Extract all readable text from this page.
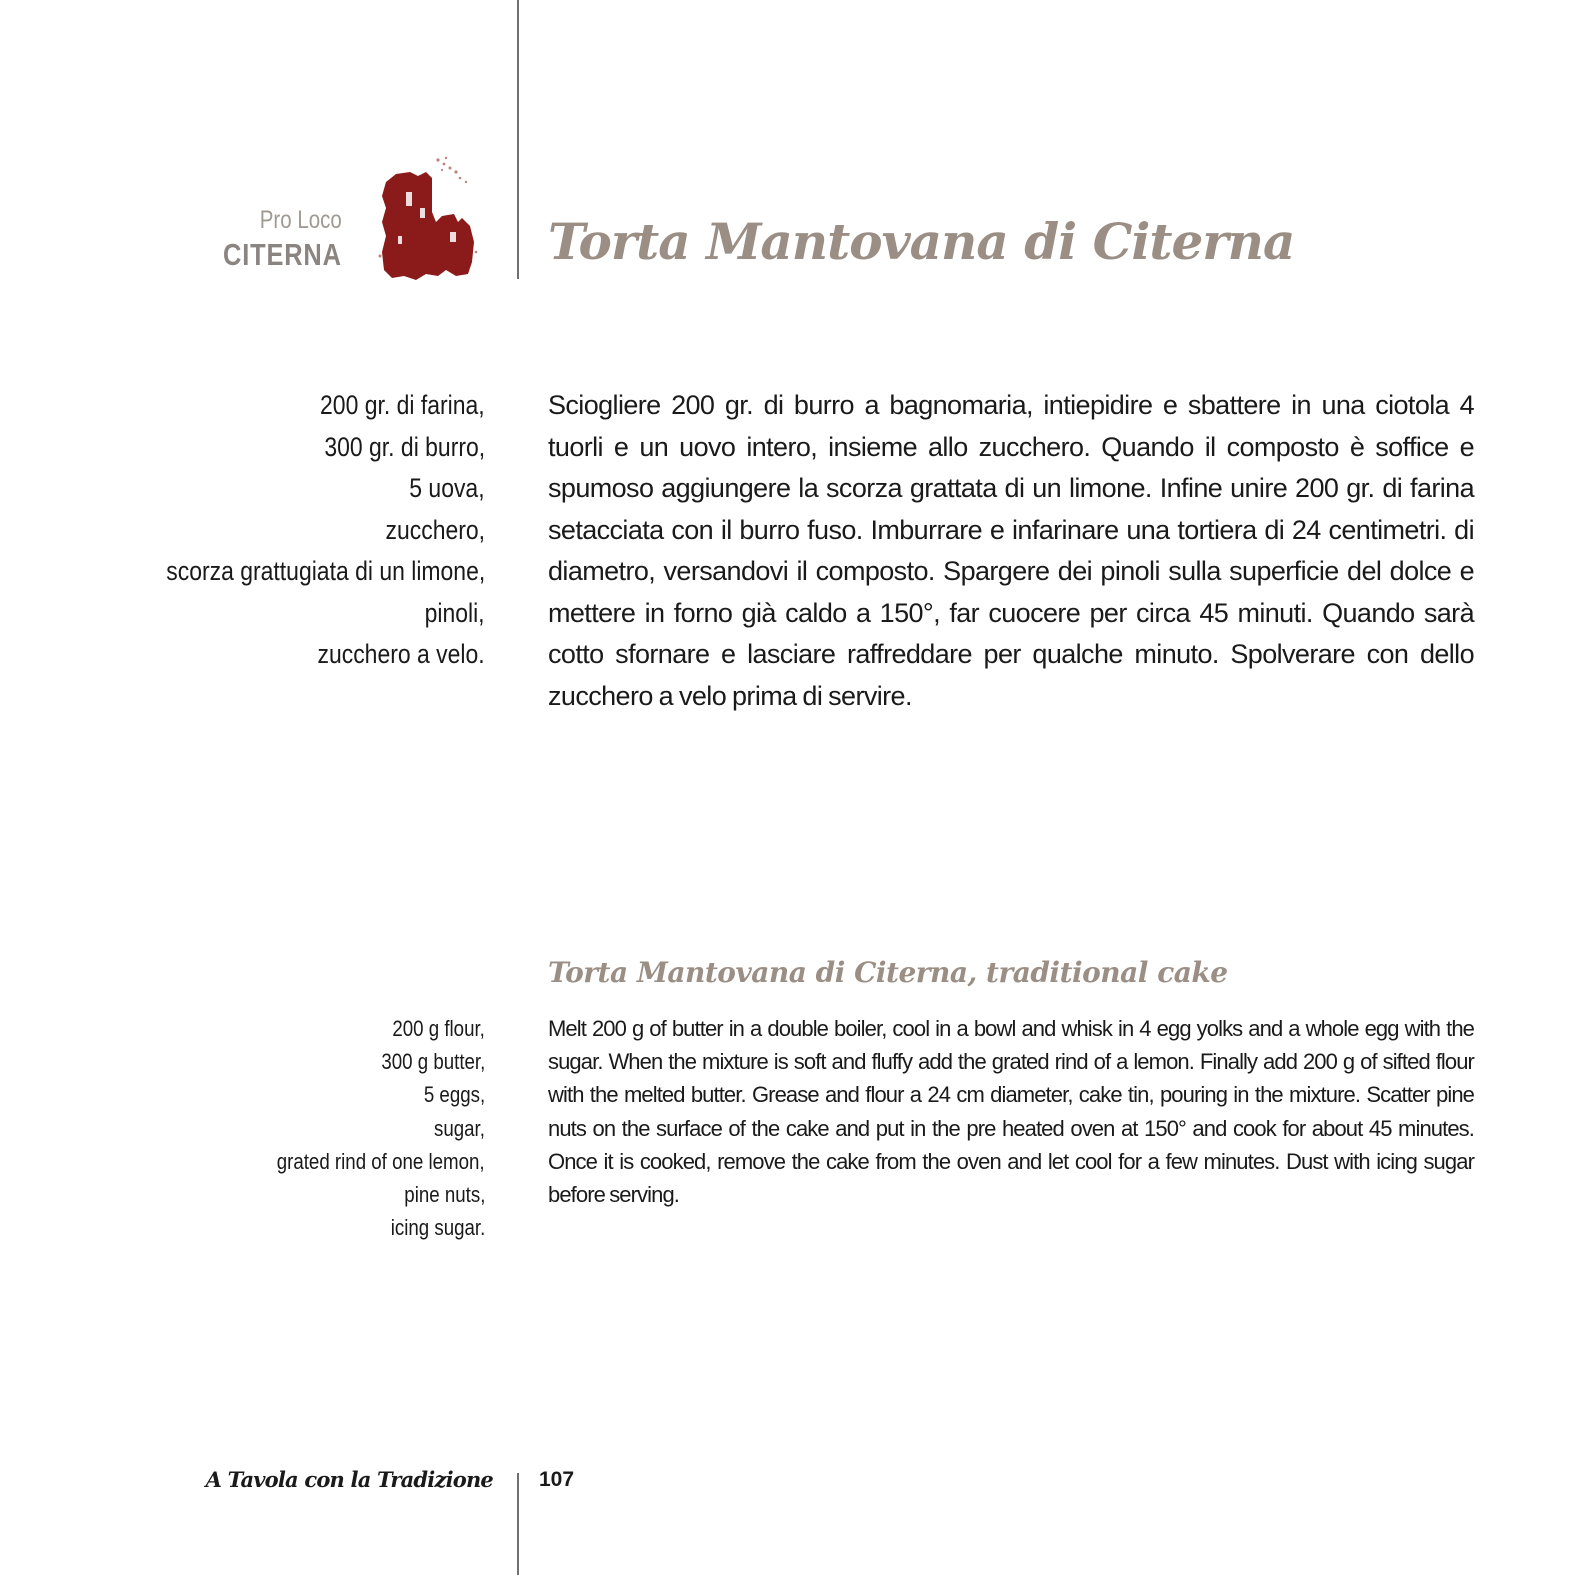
Pro Loco
CITERNA	Torta Mantovana di Citerna
200 gr. di farina,
300 gr. di burro,
5 uova,
zucchero,
scorza grattugiata di un limone,
pinoli,
zucchero a velo.

Sciogliere 200 gr. di burro a bagnomaria, intiepidire e sbattere in una ciotola 4 tuorli e un uovo intero, insieme allo zucchero. Quando il composto è soffice e spumoso aggiungere la scorza grattata di un limone. Infine unire 200 gr. di farina setacciata con il burro fuso. Imburrare e infarinare una tortiera di 24 centimetri. di diametro, versandovi il composto. Spargere dei pinoli sulla superficie del dolce e mettere in forno già caldo a 150°, far cuocere per circa 45 minuti. Quando sarà cotto sfornare e lasciare raffreddare per qualche minuto. Spolverare con dello zucchero a velo prima di servire.

Torta Mantovana di Citerna, traditional cake
200 g flour,
300 g butter,
5 eggs,
sugar,
grated rind of one lemon,
pine nuts,
icing sugar.

Melt 200 g of butter in a double boiler, cool in a bowl and whisk in 4 egg yolks and a whole egg with the sugar. When the mixture is soft and fluffy add the grated rind of a lemon. Finally add 200 g of sifted flour with the melted butter. Grease and flour a 24 cm diameter, cake tin, pouring in the mixture. Scatter pine nuts on the surface of the cake and put in the pre heated oven at 150° and cook for about 45 minutes. Once it is cooked, remove the cake from the oven and let cool for a few minutes. Dust with icing sugar before serving.

A Tavola con la Tradizione 107
